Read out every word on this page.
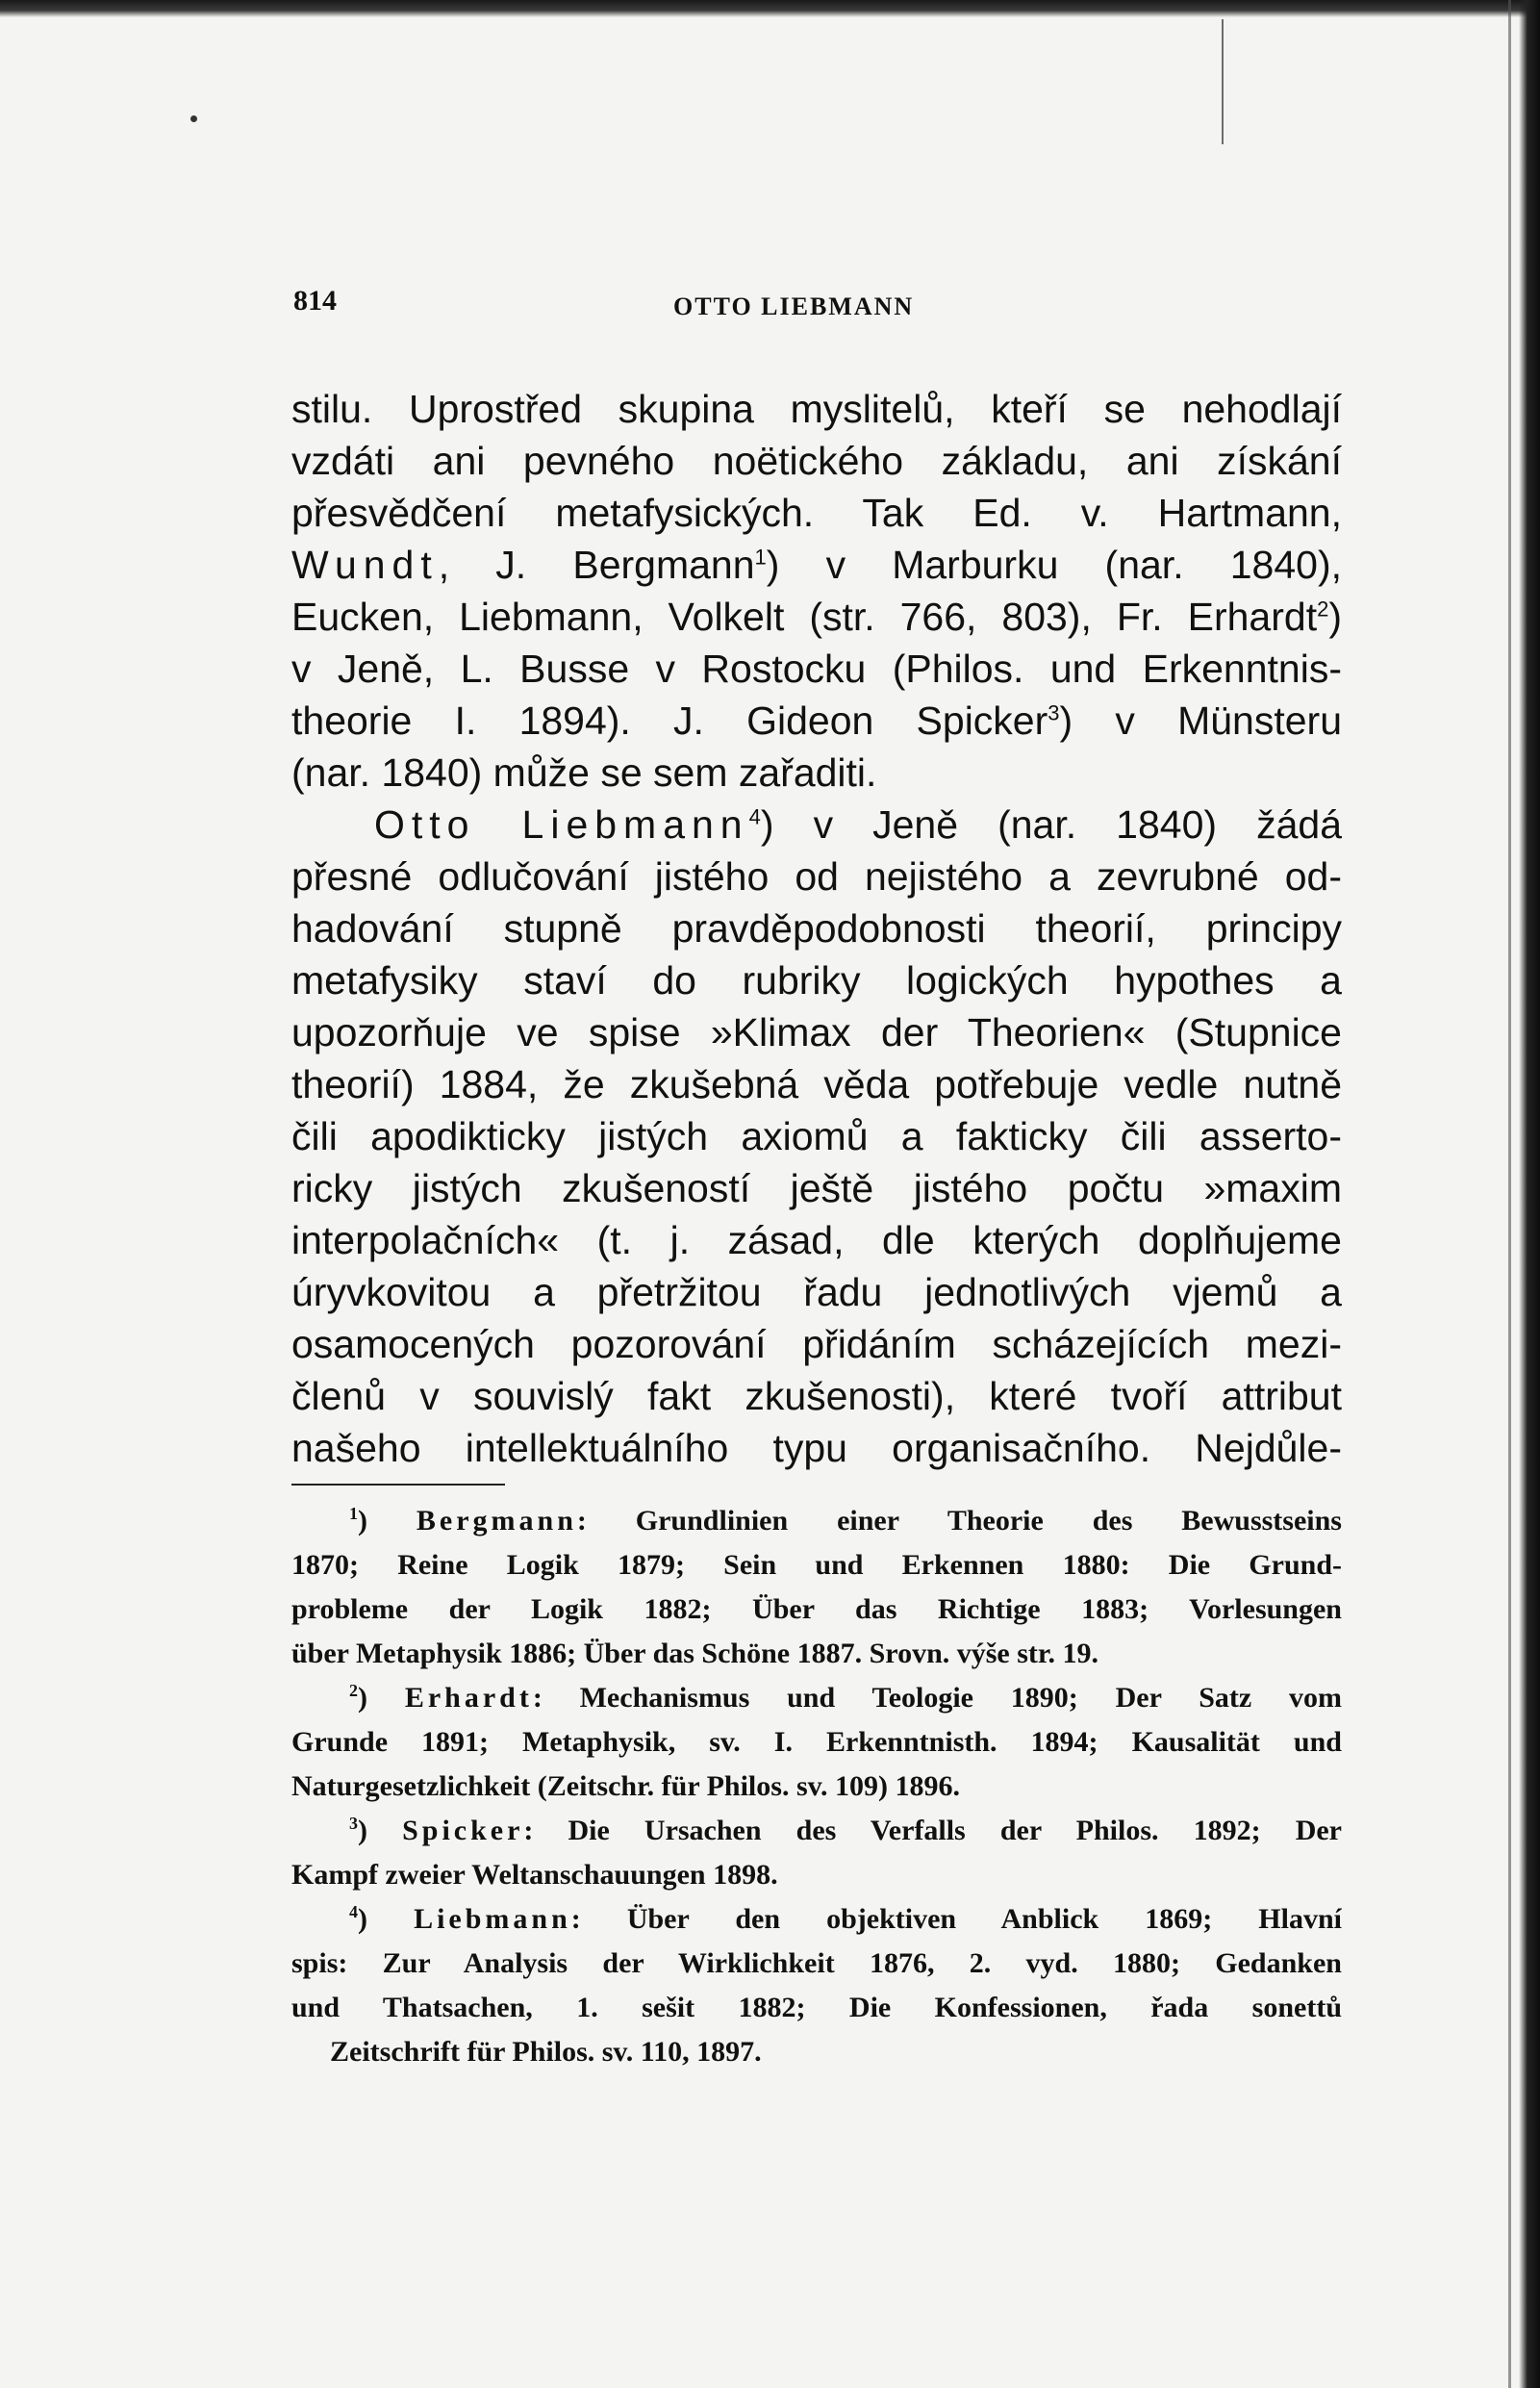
814	OTTO LIEBMANN
stilu. Uprostřed skupina myslitelů, kteří se nehodlají
vzdáti ani pevného noëtického základu, ani získání
přesvědčení metafysických. Tak Ed. v. Hartmann,
Wundt, J. Bergmann$^1$) v Marburku (nar. 1840),
Eucken, Liebmann, Volkelt (str. 766, 803), Fr. Erhardt$^2$)
v Jeně, L. Busse v Rostocku (Philos. und Erkenntnis-
theorie I. 1894). J. Gideon Spicker$^3$) v Münsteru
(nar. 1840) může se sem zařaditi.
Otto Liebmann$^4$) v Jeně (nar. 1840) žádá
přesné odlučování jistého od nejistého a zevrubné od-
hadování stupně pravděpodobnosti theorií, principy
metafysiky staví do rubriky logických hypothes a
upozorňuje ve spise »Klimax der Theorien« (Stupnice
theorií) 1884, že zkušebná věda potřebuje vedle nutně
čili apodikticky jistých axiomů a fakticky čili asserto-
ricky jistých zkušeností ještě jistého počtu »maxim
interpolačních« (t. j. zásad, dle kterých doplňujeme
úryvkovitou a přetržitou řadu jednotlivých vjemů a
osamocených pozorování přidáním scházejících mezi-
členů v souvislý fakt zkušenosti), které tvoří attribut
našeho intellektuálního typu organisačního. Nejdůle-
$^1$) Bergmann: Grundlinien einer Theorie des Bewusstseins
1870; Reine Logik 1879; Sein und Erkennen 1880: Die Grund-
probleme der Logik 1882; Über das Richtige 1883; Vorlesungen
über Metaphysik 1886; Über das Schöne 1887. Srovn. výše str. 19.
$^2$) Erhardt: Mechanismus und Teologie 1890; Der Satz vom
Grunde 1891; Metaphysik, sv. I. Erkenntnisth. 1894; Kausalität und
Naturgesetzlichkeit (Zeitschr. für Philos. sv. 109) 1896.
$^3$) Spicker: Die Ursachen des Verfalls der Philos. 1892; Der
Kampf zweier Weltanschauungen 1898.
$^4$) Liebmann: Über den objektiven Anblick 1869; Hlavní
spis: Zur Analysis der Wirklichkeit 1876, 2. vyd. 1880; Gedanken
und Thatsachen, 1. sešit 1882; Die Konfessionen, řada sonettů
Zeitschrift für Philos. sv. 110, 1897.
